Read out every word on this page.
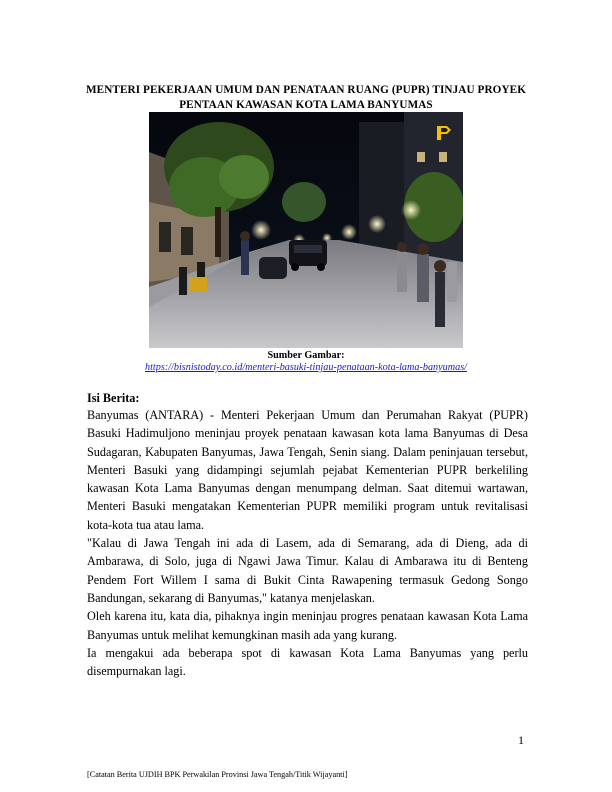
MENTERI PEKERJAAN UMUM DAN PENATAAN RUANG (PUPR) TINJAU PROYEK PENTAAN KAWASAN KOTA LAMA BANYUMAS
Sumber Gambar:
https://bisnistoday.co.id/menteri-basuki-tinjau-penataan-kota-lama-banyumas/
Isi Berita:

Banyumas (ANTARA) - Menteri Pekerjaan Umum dan Perumahan Rakyat (PUPR) Basuki Hadimuljono meninjau proyek penataan kawasan kota lama Banyumas di Desa Sudagaran, Kabupaten Banyumas, Jawa Tengah, Senin siang. Dalam peninjauan tersebut, Menteri Basuki yang didampingi sejumlah pejabat Kementerian PUPR berkeliling kawasan Kota Lama Banyumas dengan menumpang delman. Saat ditemui wartawan, Menteri Basuki mengatakan Kementerian PUPR memiliki program untuk revitalisasi kota-kota tua atau lama.

"Kalau di Jawa Tengah ini ada di Lasem, ada di Semarang, ada di Dieng, ada di Ambarawa, di Solo, juga di Ngawi Jawa Timur. Kalau di Ambarawa itu di Benteng Pendem Fort Willem I sama di Bukit Cinta Rawapening termasuk Gedong Songo Bandungan, sekarang di Banyumas," katanya menjelaskan.

Oleh karena itu, kata dia, pihaknya ingin meninjau progres penataan kawasan Kota Lama Banyumas untuk melihat kemungkinan masih ada yang kurang.

Ia mengakui ada beberapa spot di kawasan Kota Lama Banyumas yang perlu disempurnakan lagi.

1
[Catatan Berita UJDIH BPK Perwakilan Provinsi Jawa Tengah/Titik Wijayanti]
